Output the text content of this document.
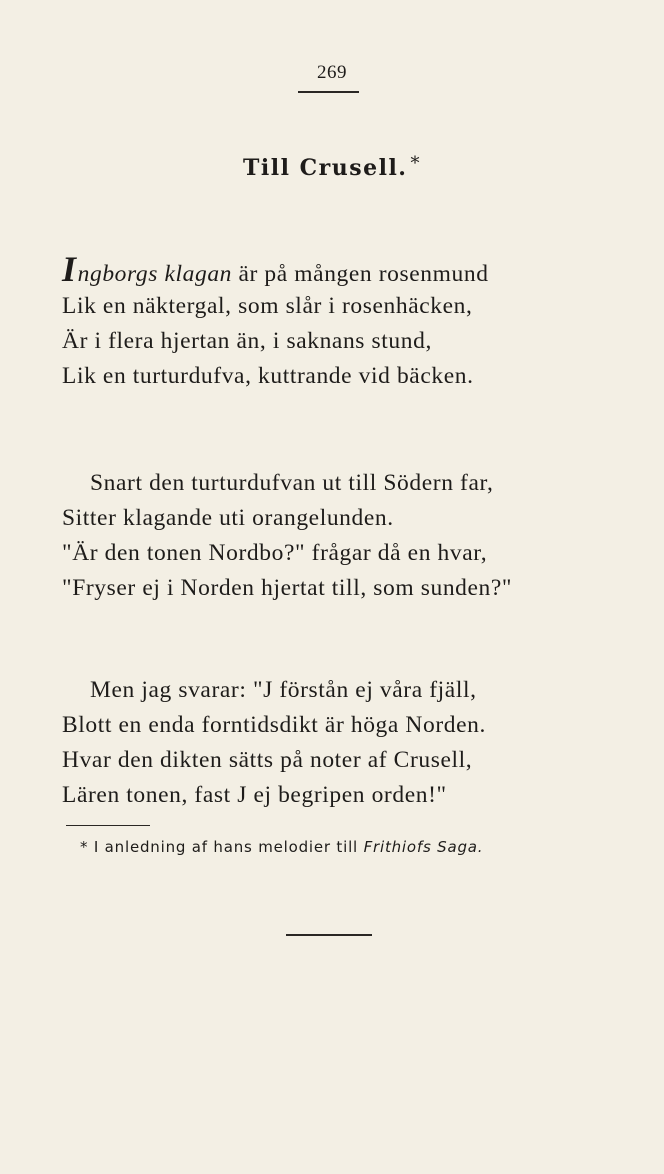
269
Till Crusell. *
Ingborgs klagan är på mången rosenmund
Lik en näktergal, som slår i rosenhäcken,
Är i flera hjertan än, i saknans stund,
Lik en turturdufva, kuttrande vid bäcken.
Snart den turturdufvan ut till Södern far,
Sitter klagande uti orangelunden.
"Är den tonen Nordbo?" frågar då en hvar,
"Fryser ej i Norden hjertat till, som sunden?"
Men jag svarar: "J förstån ej våra fjäll,
Blott en enda forntidsdikt är höga Norden.
Hvar den dikten sätts på noter af Crusell,
Lären tonen, fast J ej begripen orden!"
* I anledning af hans melodier till Frithiofs Saga.
